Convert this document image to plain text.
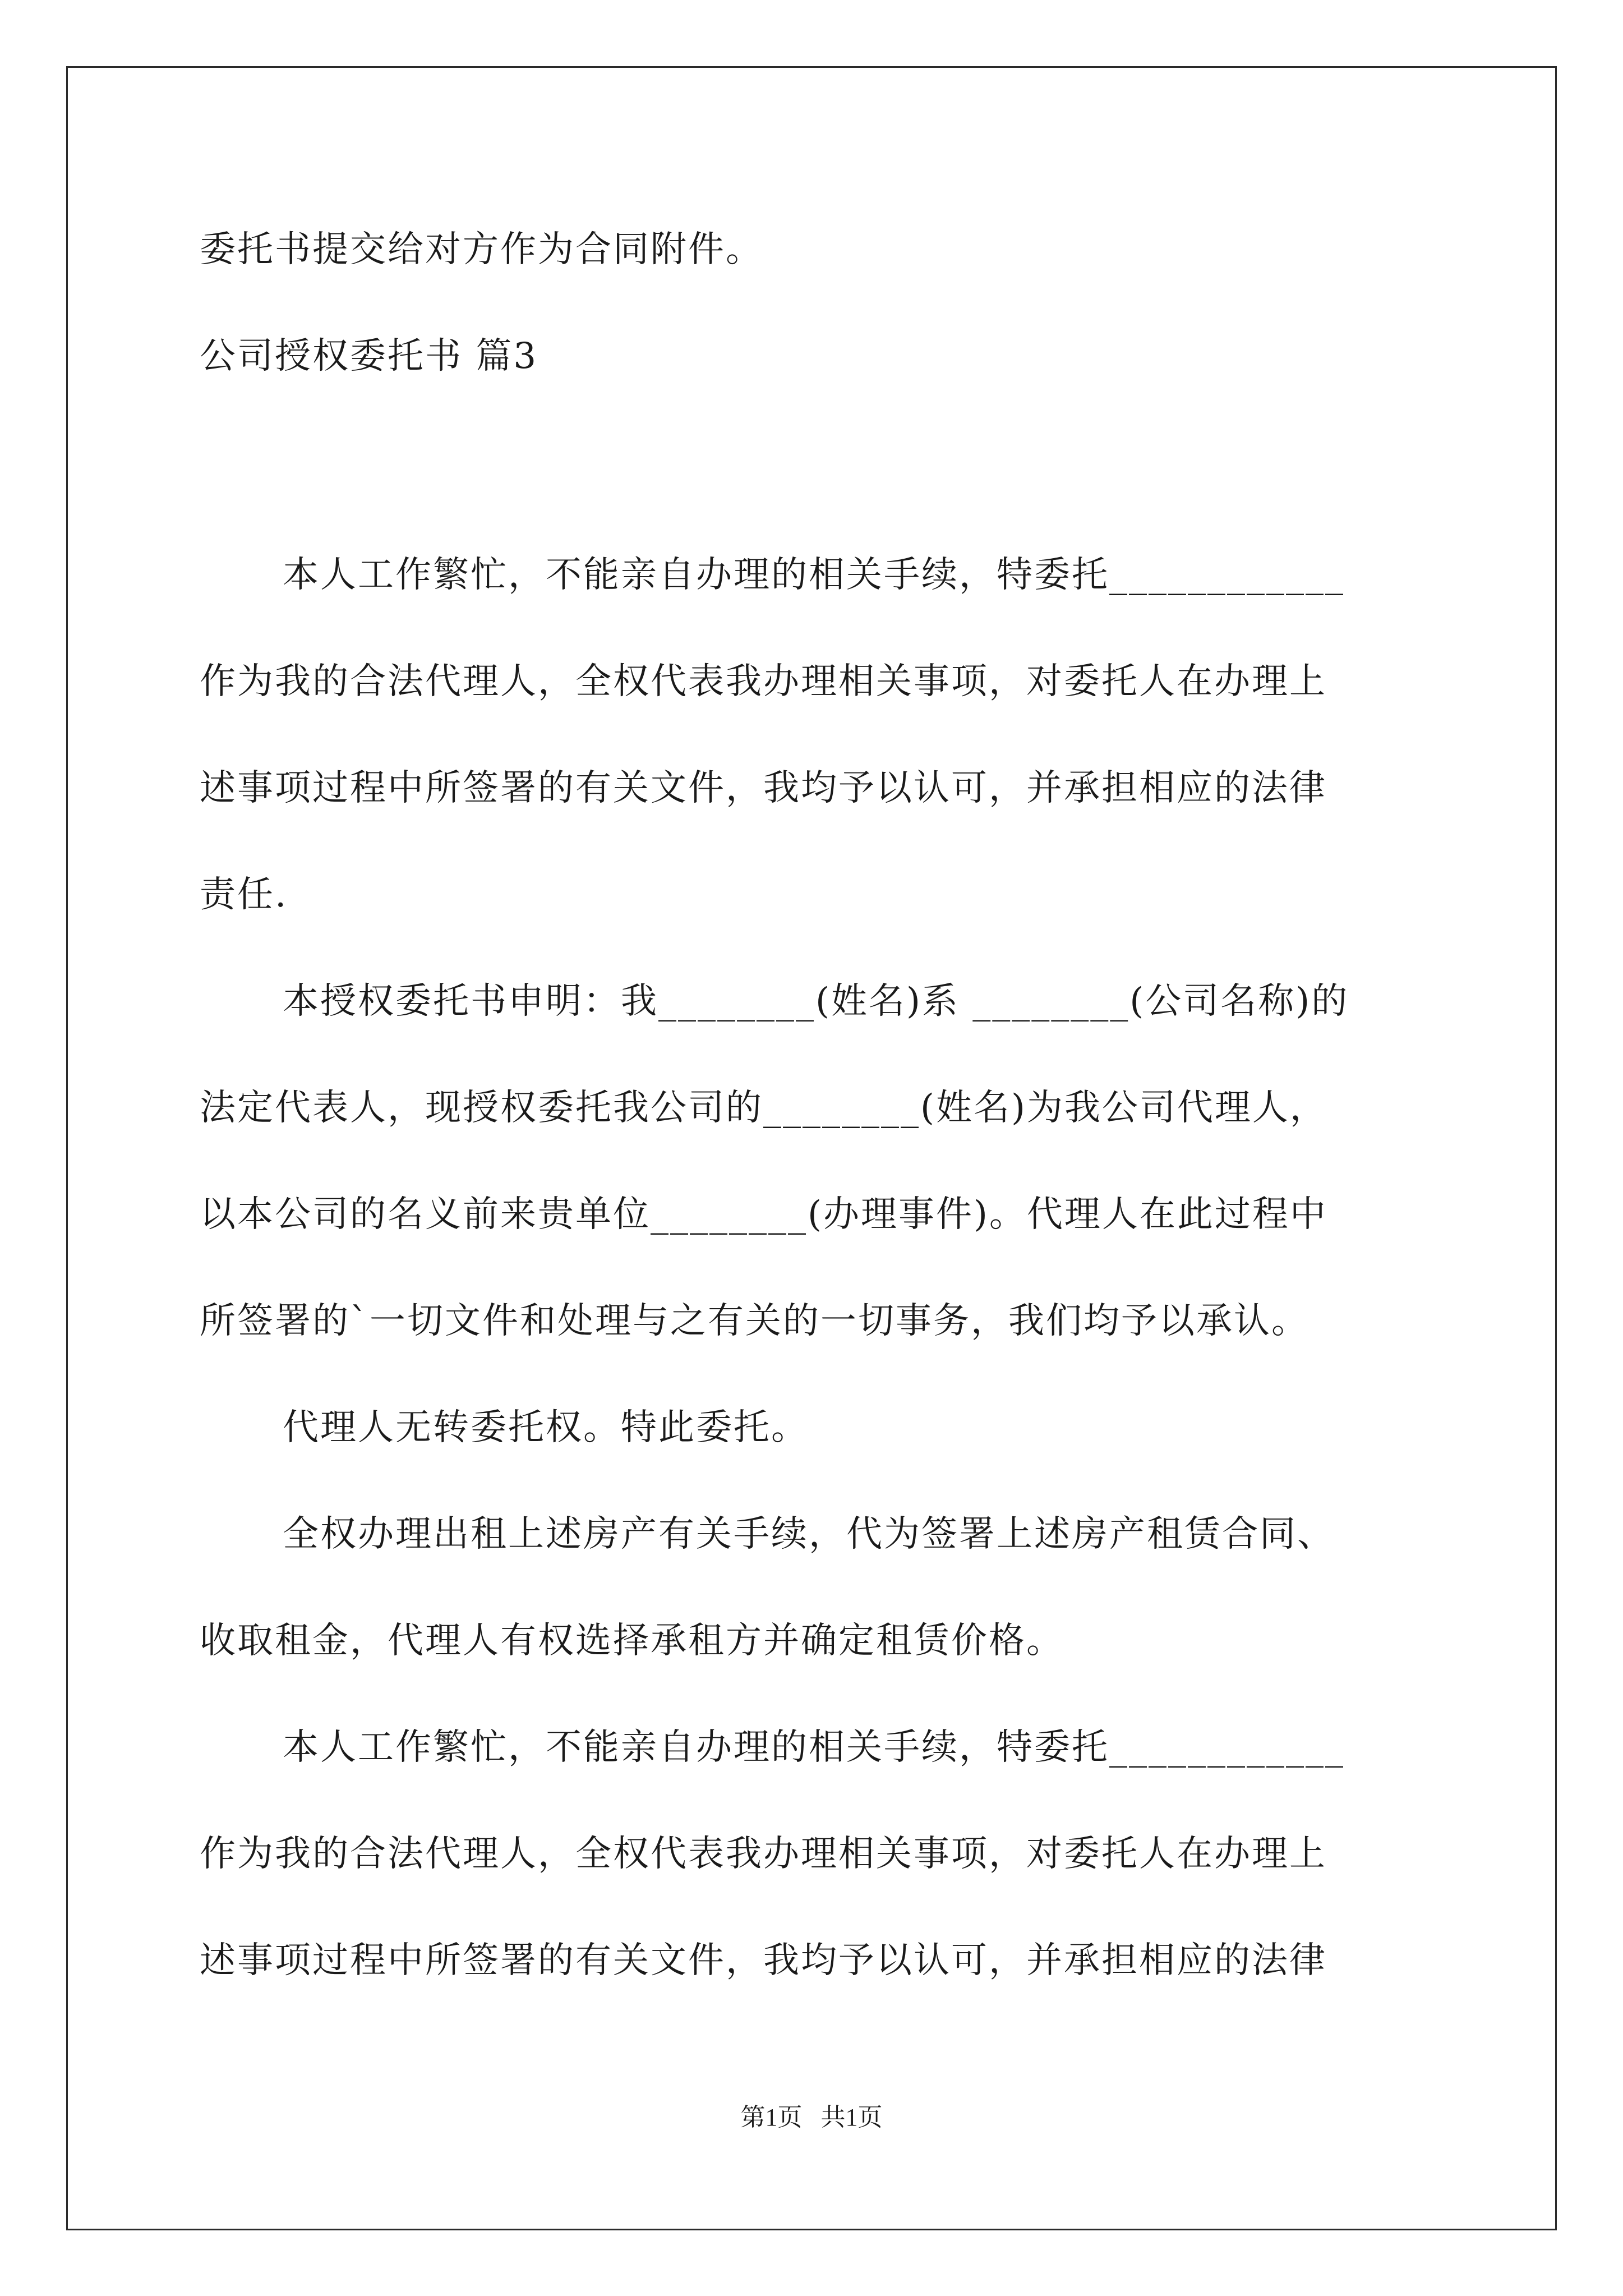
委托书提交给对方作为合同附件。
公司授权委托书 篇3
本人工作繁忙，不能亲自办理的相关手续，特委托____________
作为我的合法代理人，全权代表我办理相关事项，对委托人在办理上
述事项过程中所签署的有关文件，我均予以认可，并承担相应的法律
责任.
本授权委托书申明：我________(姓名)系 ________(公司名称)的
法定代表人，现授权委托我公司的________(姓名)为我公司代理人，
以本公司的名义前来贵单位________(办理事件)。代理人在此过程中
所签署的`一切文件和处理与之有关的一切事务，我们均予以承认。
代理人无转委托权。特此委托。
全权办理出租上述房产有关手续，代为签署上述房产租赁合同、
收取租金，代理人有权选择承租方并确定租赁价格。
本人工作繁忙，不能亲自办理的相关手续，特委托____________
作为我的合法代理人，全权代表我办理相关事项，对委托人在办理上
述事项过程中所签署的有关文件，我均予以认可，并承担相应的法律
第1页   共1页
